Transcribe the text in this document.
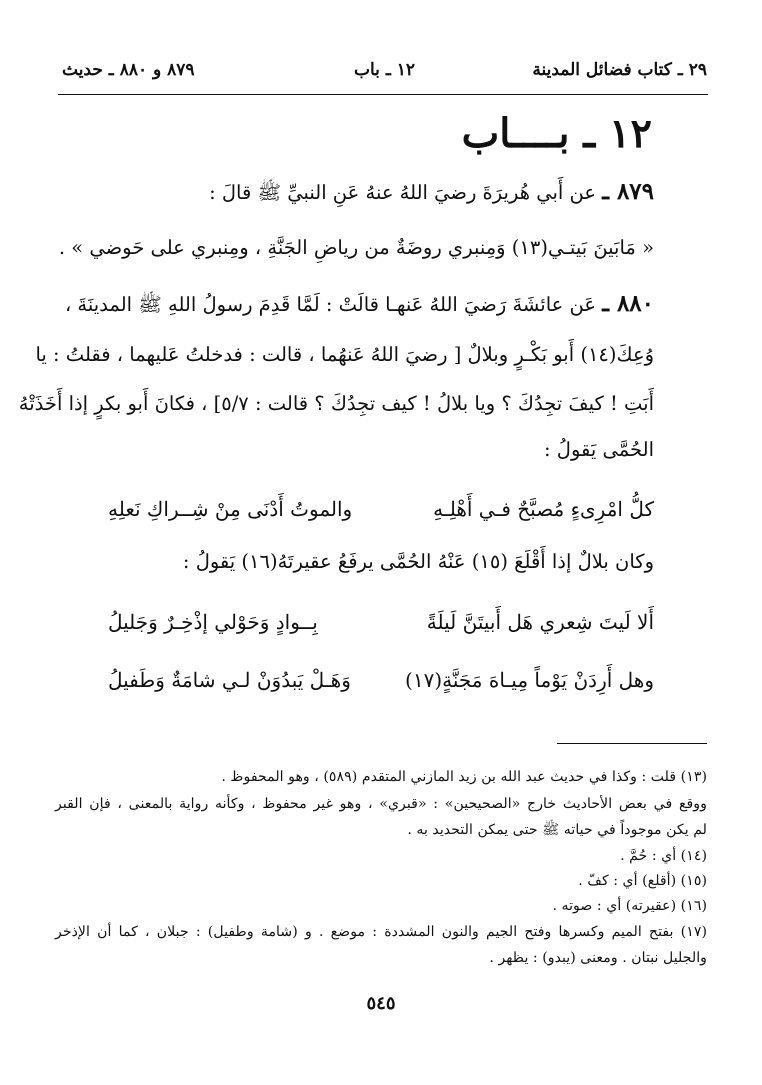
٢٩ ـ كتاب فضائل المدينة
١٢ ـ باب
٨٧٩ و ٨٨٠ ـ حديث
١٢ ـ بــــاب
٨٧٩ ـ عن أَبي هُريرَةَ رضيَ اللهُ عنهُ عَنِ النبيِّ ﷺ قالَ :
« مَابَينَ بَيتـي(١٣) وَمِنبري روضَةٌ من رياضِ الجَنَّةِ ، ومِنبري على حَوضي » .
٨٨٠ ـ عَن عائشَةَ رَضيَ اللهُ عَنهـا قالَتْ : لَمَّا قَدِمَ رسولُ اللهِ ﷺ المدينَةَ ،
وُعِكَ(١٤) أَبو بَكْـرٍ وبلالٌ [ رضيَ اللهُ عَنهُما ، قالت : فدخلتُ عَليهما ، فقلتُ : يا
أَبَتِ ! كيفَ تجِدُكَ ؟ ويا بلالُ ! كيف تجِدُكَ ؟ قالت : ٥/٧] ، فكانَ أَبو بكرٍ إذا أَخَذَتْهُ
الحُمَّى يَقولُ :
كلُّ امْرِىءٍ مُصبَّحٌ فـي أَهْلِـهِ
والموتُ أَدْنَى مِنْ شِــراكِ نَعلِهِ
وكان بلالٌ إذا أَقْلَعَ (١٥) عَنْهُ الحُمَّى يرفَعُ عقيرتَهُ(١٦) يَقولُ :
أَلا لَيتَ شِعري هَل أَبيتَنَّ لَيلَةً
بِــوادٍ وَحَوْلي إذْخِـرٌ وَجَليلُ
وهل أَرِدَنْ يَوْماً مِيـاهَ مَجَنَّةٍ(١٧)
وَهَـلْ يَبدُوَنْ لـي شامَةٌ وَطَفيلُ
(١٣) قلت : وكذا في حديث عبد الله بن زيد المازني المتقدم (٥٨٩) ، وهو المحفوظ .
ووقع في بعض الأحاديث خارج «الصحيحين» : «قبري» ، وهو غير محفوظ ، وكأنه رواية بالمعنى ، فإن القبر
لم يكن موجوداً في حياته ﷺ حتى يمكن التحديد به .
(١٤) أي : حُمَّ .
(١٥) (أقلع) أي : كفّ .
(١٦) (عقيرته) أي : صوته .
(١٧) بفتح الميم وكسرها وفتح الجيم والنون المشددة : موضع . و (شامة وطفيل) : جبلان ، كما أن الإذخر
والجليل نبتان . ومعنى (يبدو) : يظهر .
٥٤٥
